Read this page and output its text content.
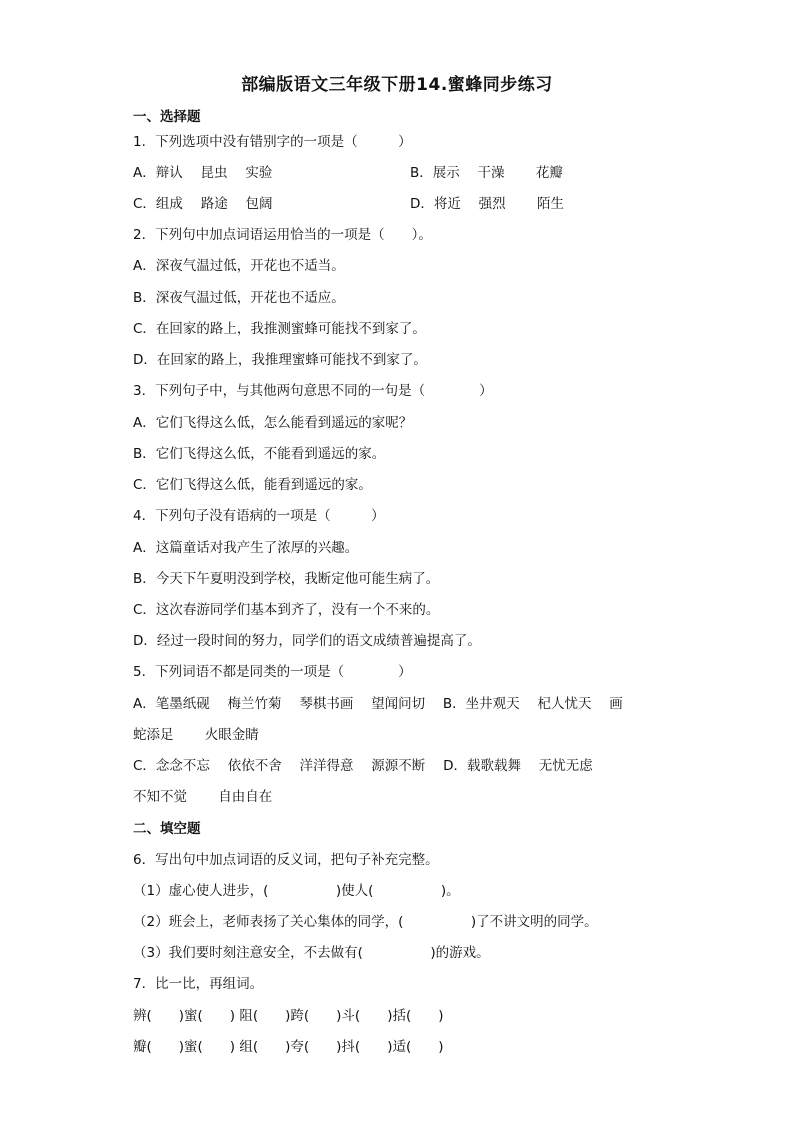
部编版语文三年级下册14.蜜蜂同步练习
一、选择题
1．下列选项中没有错别字的一项是（　　　）
A．辩认　 昆虫　 实验	B．展示　 干澡　　 花瓣
C．组成　 路途　 包阔	D．将近　 强烈　　 陌生
2．下列句中加点词语运用恰当的一项是（　　）。
A．深夜气温过低，开花也不适当。
B．深夜气温过低，开花也不适应。
C．在回家的路上，我推测蜜蜂可能找不到家了。
D．在回家的路上，我推理蜜蜂可能找不到家了。
3．下列句子中，与其他两句意思不同的一句是（　　　　）
A．它们飞得这么低，怎么能看到遥远的家呢？
B．它们飞得这么低，不能看到遥远的家。
C．它们飞得这么低，能看到遥远的家。
4．下列句子没有语病的一项是（　　　）
A．这篇童话对我产生了浓厚的兴趣。
B．今天下午夏明没到学校，我断定他可能生病了。
C．这次春游同学们基本到齐了，没有一个不来的。
D．经过一段时间的努力，同学们的语文成绩普遍提高了。
5．下列词语不都是同类的一项是（　　　　）
A．笔墨纸砚　 梅兰竹菊　 琴棋书画　 望闻问切　 B．坐井观天　 杞人忧天　 画
蛇添足　　 火眼金睛
C．念念不忘　 依依不舍　 洋洋得意　 源源不断　 D．载歌载舞　 无忧无虑
不知不觉　　 自由自在
二、填空题
6．写出句中加点词语的反义词，把句子补充完整。
（1）虚心使人进步，(　　　　　)使人(　　　　　)。
（2）班会上，老师表扬了关心集体的同学，(　　　　　)了不讲文明的同学。
（3）我们要时刻注意安全，不去做有(　　　　　)的游戏。
7．比一比，再组词。
辨(　　)蜜(　　) 阻(　　)跨(　　)斗(　　)括(　　)
瓣(　　)蜜(　　) 组(　　)夸(　　)抖(　　)适(　　)
